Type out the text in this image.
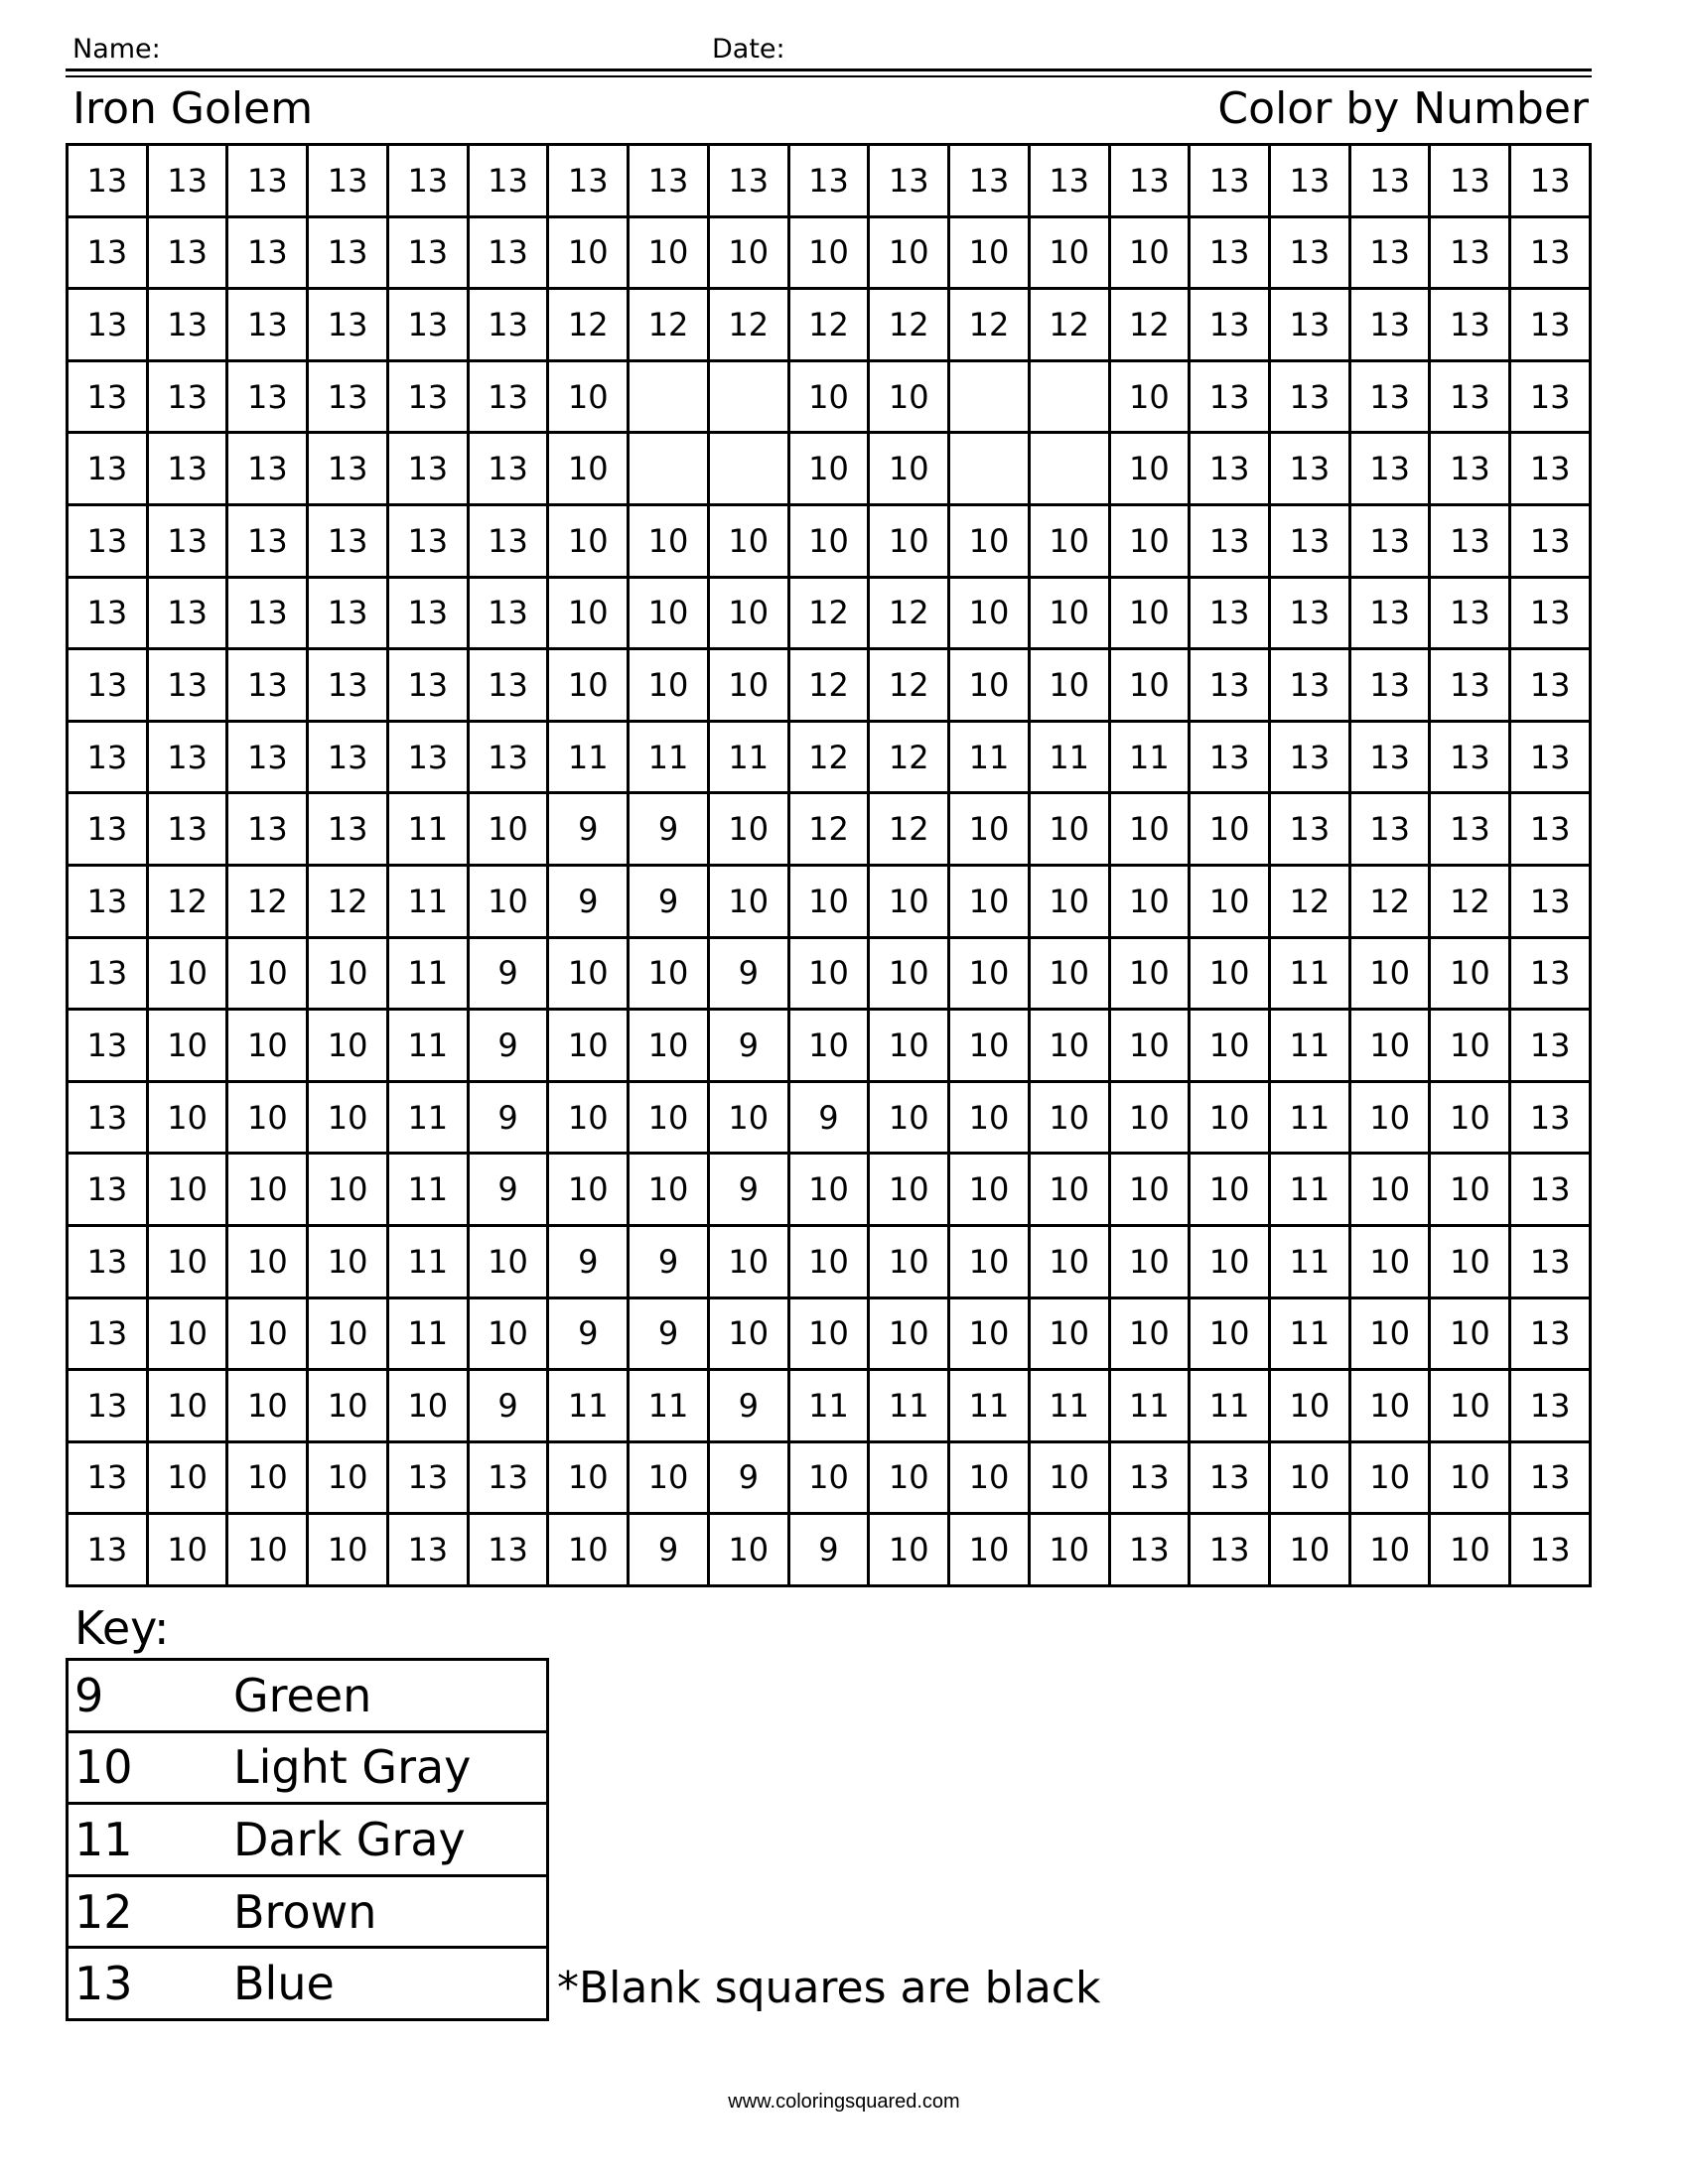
Name:	Date:
Iron Golem	Color by Number
13	13	13	13	13	13	13	13	13	13	13	13	13	13	13	13	13	13	13
13	13	13	13	13	13	10	10	10	10	10	10	10	10	13	13	13	13	13
13	13	13	13	13	13	12	12	12	12	12	12	12	12	13	13	13	13	13
13	13	13	13	13	13	10			10	10			10	13	13	13	13	13
13	13	13	13	13	13	10			10	10			10	13	13	13	13	13
13	13	13	13	13	13	10	10	10	10	10	10	10	10	13	13	13	13	13
13	13	13	13	13	13	10	10	10	12	12	10	10	10	13	13	13	13	13
13	13	13	13	13	13	10	10	10	12	12	10	10	10	13	13	13	13	13
13	13	13	13	13	13	11	11	11	12	12	11	11	11	13	13	13	13	13
13	13	13	13	11	10	9	9	10	12	12	10	10	10	10	13	13	13	13
13	12	12	12	11	10	9	9	10	10	10	10	10	10	10	12	12	12	13
13	10	10	10	11	9	10	10	9	10	10	10	10	10	10	11	10	10	13
13	10	10	10	11	9	10	10	9	10	10	10	10	10	10	11	10	10	13
13	10	10	10	11	9	10	10	10	9	10	10	10	10	10	11	10	10	13
13	10	10	10	11	9	10	10	9	10	10	10	10	10	10	11	10	10	13
13	10	10	10	11	10	9	9	10	10	10	10	10	10	10	11	10	10	13
13	10	10	10	11	10	9	9	10	10	10	10	10	10	10	11	10	10	13
13	10	10	10	10	9	11	11	9	11	11	11	11	11	11	10	10	10	13
13	10	10	10	13	13	10	10	9	10	10	10	10	13	13	10	10	10	13
13	10	10	10	13	13	10	9	10	9	10	10	10	13	13	10	10	10	13
Key:
9	Green
10	Light Gray
11	Dark Gray
12	Brown
13	Blue	*Blank squares are black
www.coloringsquared.com
